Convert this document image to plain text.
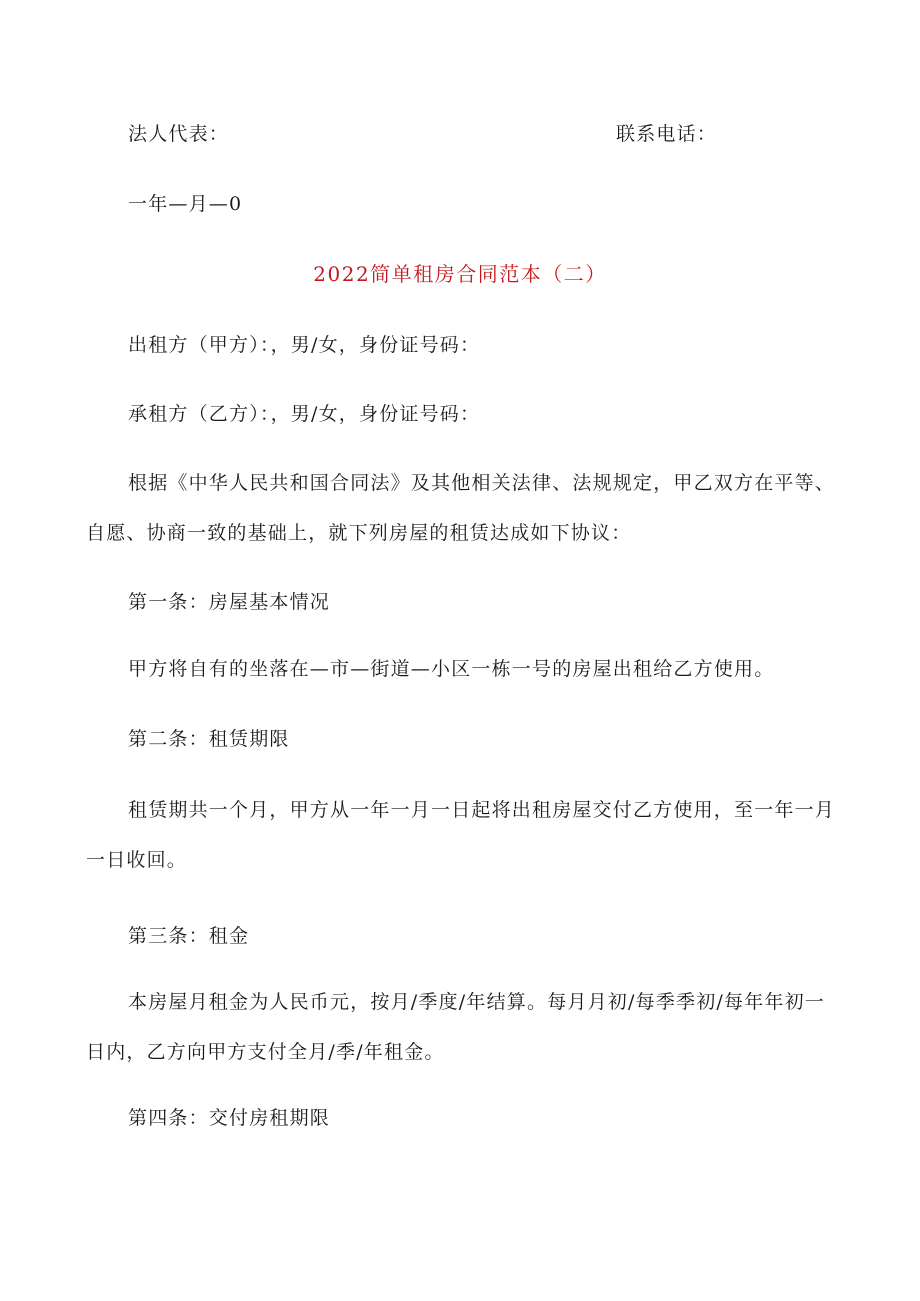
法人代表：	联系电话：
一年—月—0
2022简单租房合同范本（二）
出租方（甲方）：，男/女，身份证号码：
承租方（乙方）：，男/女，身份证号码：
根据《中华人民共和国合同法》及其他相关法律、法规规定，甲乙双方在平等、
自愿、协商一致的基础上，就下列房屋的租赁达成如下协议：
第一条：房屋基本情况
甲方将自有的坐落在—市—街道—小区一栋一号的房屋出租给乙方使用。
第二条：租赁期限
租赁期共一个月，甲方从一年一月一日起将出租房屋交付乙方使用，至一年一月
一日收回。
第三条：租金
本房屋月租金为人民币元，按月/季度/年结算。每月月初/每季季初/每年年初一
日内，乙方向甲方支付全月/季/年租金。
第四条：交付房租期限
